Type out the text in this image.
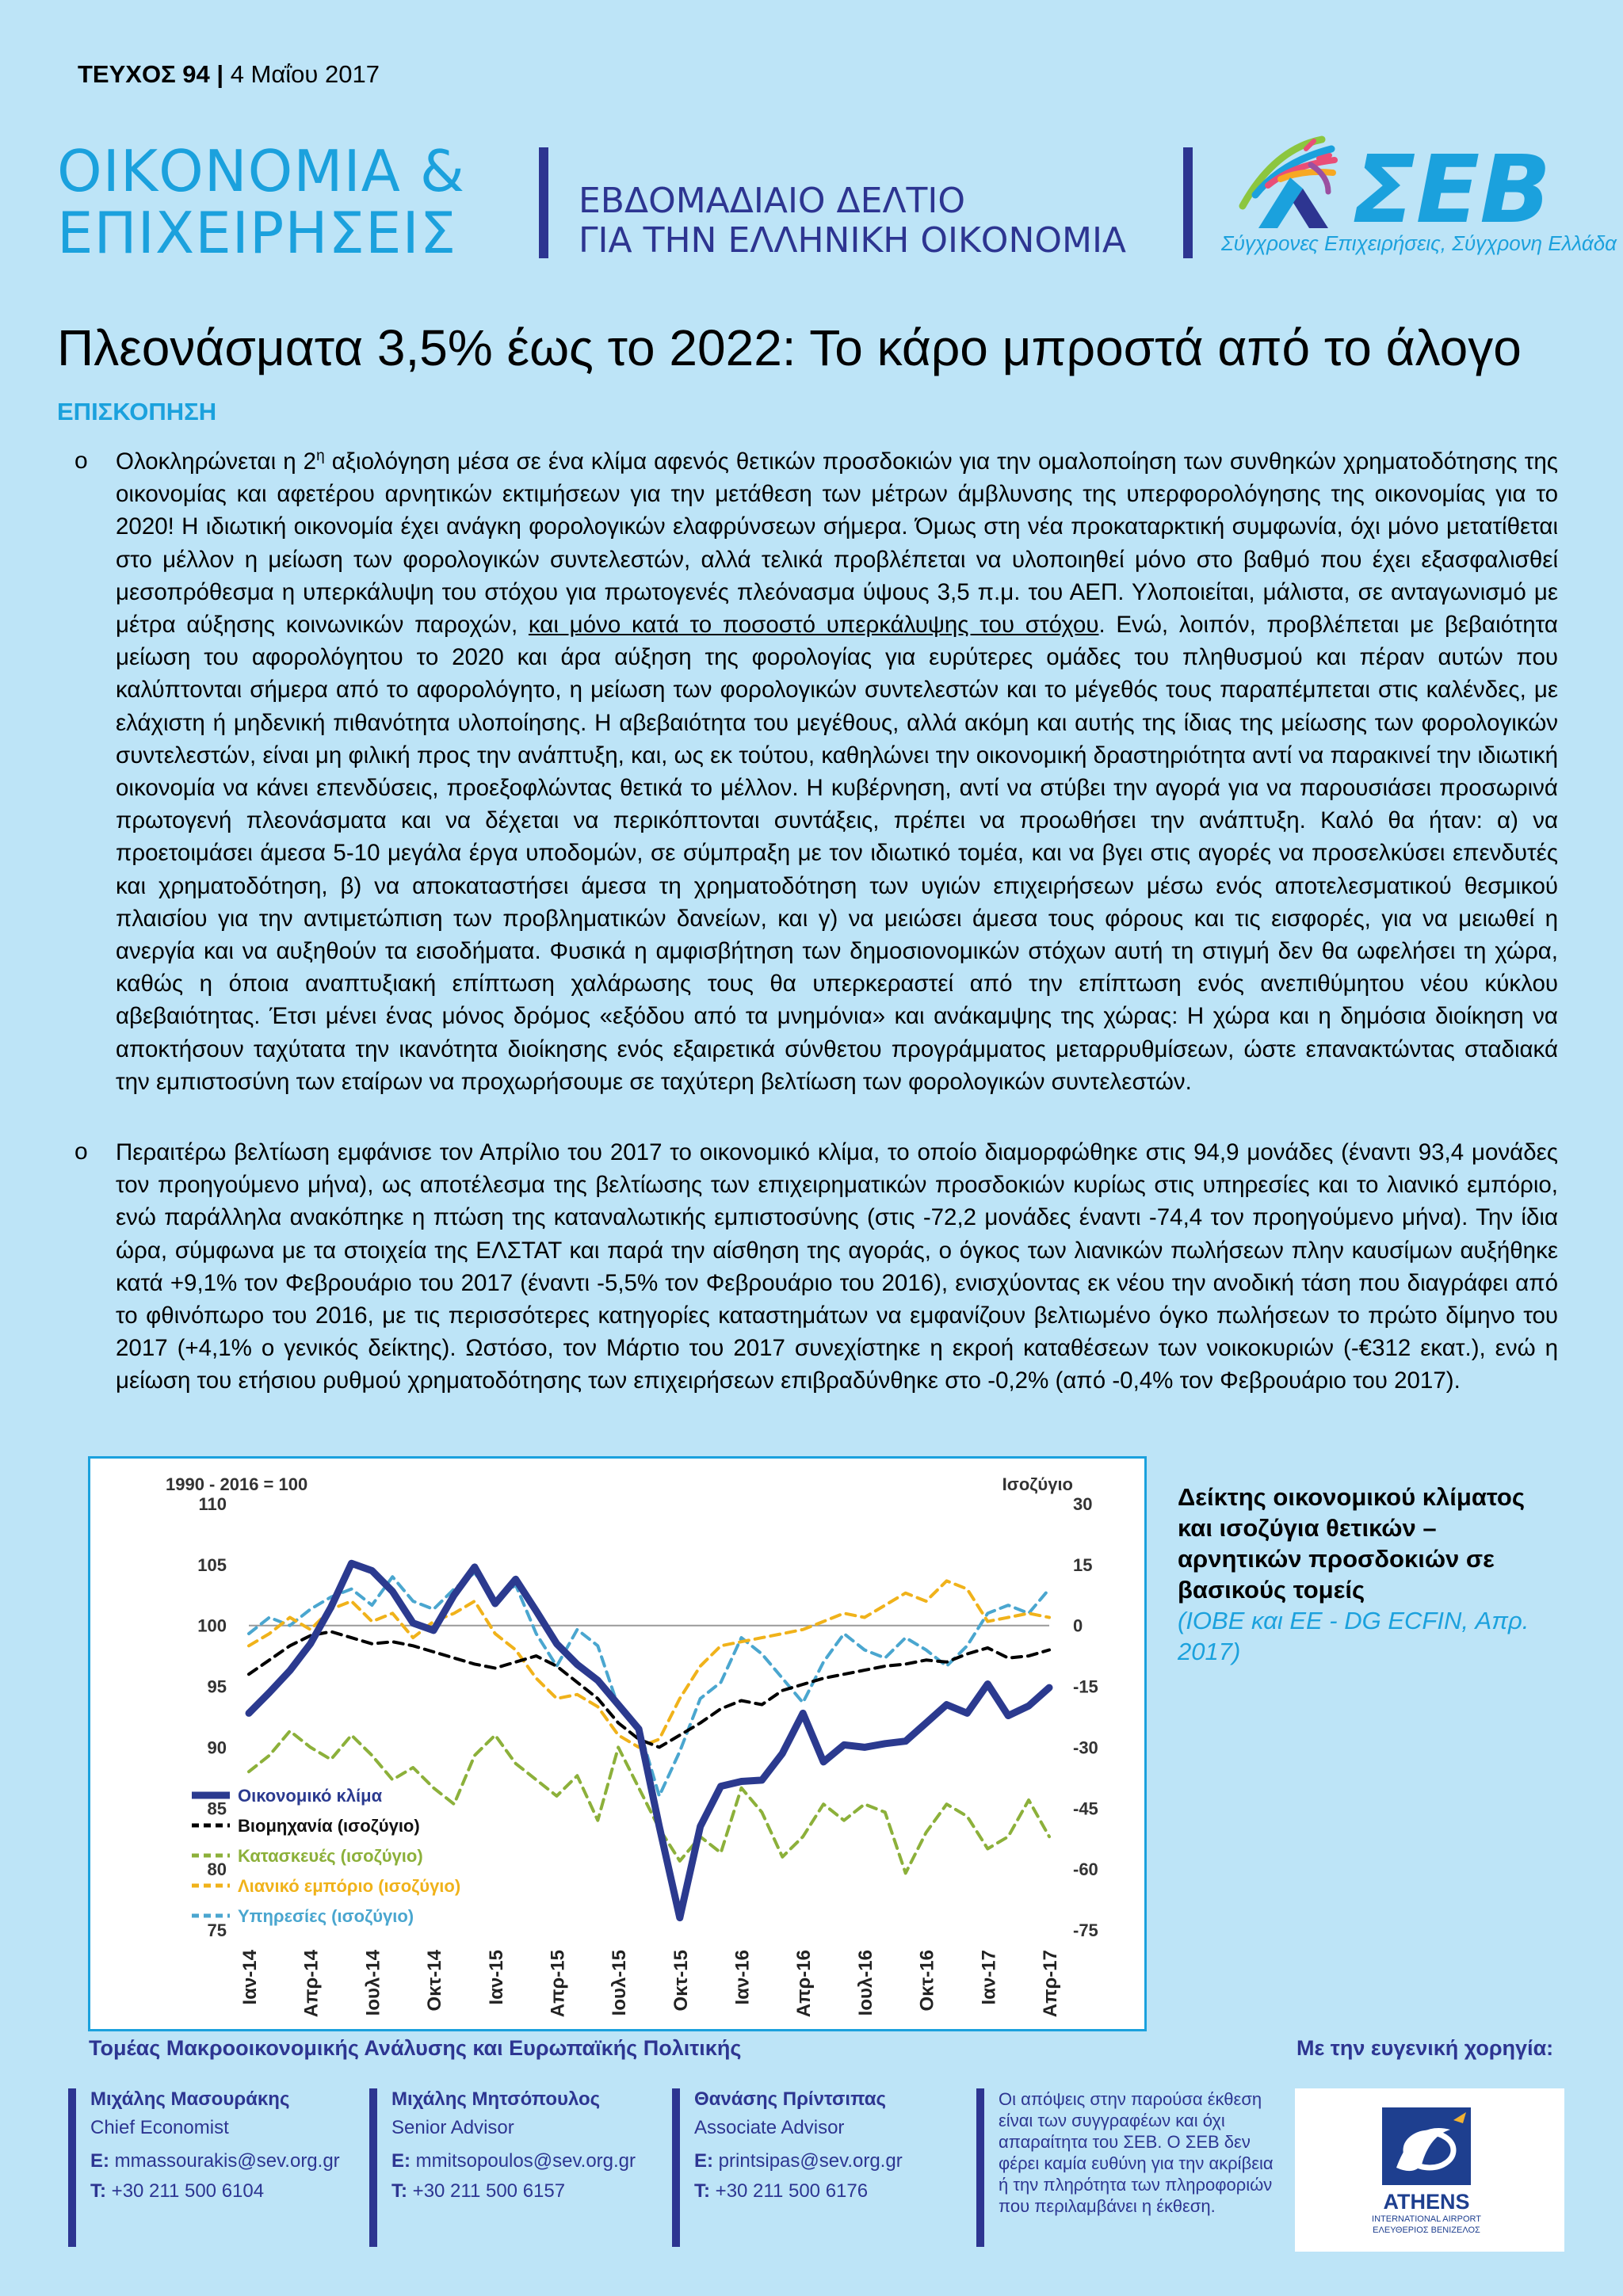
ΤΕΥΧΟΣ 94 | 4 Μαΐου 2017
ΟΙΚΟΝΟΜΙΑ &
ΕΠΙΧΕΙΡΗΣΕΙΣ	ΕΒΔΟΜΑΔΙΑΙΟ ΔΕΛΤΙΟ
ΓΙΑ ΤΗΝ ΕΛΛΗΝΙΚΗ ΟΙΚΟΝΟΜΙΑ ΣΕΒ
Σύγχρονες Επιχειρήσεις, Σύγχρονη Ελλάδα
Πλεονάσματα 3,5% έως το 2022: Το κάρο μπροστά από το άλογο
ΕΠΙΣΚΟΠΗΣΗ
o Ολοκληρώνεται η $2^\eta$ αξιολόγηση μέσα σε ένα κλίμα αφενός θετικών προσδοκιών για την ομαλοποίηση των συνθηκών χρηματοδότησης της οικονομίας και αφετέρου αρνητικών εκτιμήσεων για την μετάθεση των μέτρων άμβλυνσης της υπερφορολόγησης της οικονομίας για το 2020! Η ιδιωτική οικονομία έχει ανάγκη φορολογικών ελαφρύνσεων σήμερα. Όμως στη νέα προκαταρκτική συμφωνία, όχι μόνο μετατίθεται στο μέλλον η μείωση των φορολογικών συντελεστών, αλλά τελικά προβλέπεται να υλοποιηθεί μόνο στο βαθμό που έχει εξασφαλισθεί μεσοπρόθεσμα η υπερκάλυψη του στόχου για πρωτογενές πλεόνασμα ύψους 3,5 π.μ. του ΑΕΠ. Υλοποιείται, μάλιστα, σε ανταγωνισμό με μέτρα αύξησης κοινωνικών παροχών, και μόνο κατά το ποσοστό υπερκάλυψης του στόχου. Ενώ, λοιπόν, προβλέπεται με βεβαιότητα μείωση του αφορολόγητου το 2020 και άρα αύξηση της φορολογίας για ευρύτερες ομάδες του πληθυσμού και πέραν αυτών που καλύπτονται σήμερα από το αφορολόγητο, η μείωση των φορολογικών συντελεστών και το μέγεθός τους παραπέμπεται στις καλένδες, με ελάχιστη ή μηδενική πιθανότητα υλοποίησης. Η αβεβαιότητα του μεγέθους, αλλά ακόμη και αυτής της ίδιας της μείωσης των φορολογικών συντελεστών, είναι μη φιλική προς την ανάπτυξη, και, ως εκ τούτου, καθηλώνει την οικονομική δραστηριότητα αντί να παρακινεί την ιδιωτική οικονομία να κάνει επενδύσεις, προεξοφλώντας θετικά το μέλλον. Η κυβέρνηση, αντί να στύβει την αγορά για να παρουσιάσει προσωρινά πρωτογενή πλεονάσματα και να δέχεται να περικόπτονται συντάξεις, πρέπει να προωθήσει την ανάπτυξη. Καλό θα ήταν: α) να προετοιμάσει άμεσα 5-10 μεγάλα έργα υποδομών, σε σύμπραξη με τον ιδιωτικό τομέα, και να βγει στις αγορές να προσελκύσει επενδυτές και χρηματοδότηση, β) να αποκαταστήσει άμεσα τη χρηματοδότηση των υγιών επιχειρήσεων μέσω ενός αποτελεσματικού θεσμικού πλαισίου για την αντιμετώπιση των προβληματικών δανείων, και γ) να μειώσει άμεσα τους φόρους και τις εισφορές, για να μειωθεί η ανεργία και να αυξηθούν τα εισοδήματα. Φυσικά η αμφισβήτηση των δημοσιονομικών στόχων αυτή τη στιγμή δεν θα ωφελήσει τη χώρα, καθώς η όποια αναπτυξιακή επίπτωση χαλάρωσης τους θα υπερκεραστεί από την επίπτωση ενός ανεπιθύμητου νέου κύκλου αβεβαιότητας. Έτσι μένει ένας μόνος δρόμος «εξόδου από τα μνημόνια» και ανάκαμψης της χώρας: Η χώρα και η δημόσια διοίκηση να αποκτήσουν ταχύτατα την ικανότητα διοίκησης ενός εξαιρετικά σύνθετου προγράμματος μεταρρυθμίσεων, ώστε επανακτώντας σταδιακά την εμπιστοσύνη των εταίρων να προχωρήσουμε σε ταχύτερη βελτίωση των φορολογικών συντελεστών.
o Περαιτέρω βελτίωση εμφάνισε τον Απρίλιο του 2017 το οικονομικό κλίμα, το οποίο διαμορφώθηκε στις 94,9 μονάδες (έναντι 93,4 μονάδες τον προηγούμενο μήνα), ως αποτέλεσμα της βελτίωσης των επιχειρηματικών προσδοκιών κυρίως στις υπηρεσίες και το λιανικό εμπόριο, ενώ παράλληλα ανακόπηκε η πτώση της καταναλωτικής εμπιστοσύνης (στις -72,2 μονάδες έναντι -74,4 τον προηγούμενο μήνα). Την ίδια ώρα, σύμφωνα με τα στοιχεία της ΕΛΣΤΑΤ και παρά την αίσθηση της αγοράς, ο όγκος των λιανικών πωλήσεων πλην καυσίμων αυξήθηκε κατά +9,1% τον Φεβρουάριο του 2017 (έναντι -5,5% τον Φεβρουάριο του 2016), ενισχύοντας εκ νέου την ανοδική τάση που διαγράφει από το φθινόπωρο του 2016, με τις περισσότερες κατηγορίες καταστημάτων να εμφανίζουν βελτιωμένο όγκο πωλήσεων το πρώτο δίμηνο του 2017 (+4,1% ο γενικός δείκτης). Ωστόσο, τον Μάρτιο του 2017 συνεχίστηκε η εκροή καταθέσεων των νοικοκυριών (-€312 εκατ.), ενώ η μείωση του ετήσιου ρυθμού χρηματοδότησης των επιχειρήσεων επιβραδύνθηκε στο -0,2% (από -0,4% τον Φεβρουάριο του 2017).
1990 - 2016 = 100	Ισοζύγιο
110
105
100
95
90
85
80
75
30
15
0
-15
-30
-45
-60
-75
Ιαν-14 Απρ-14 Ιουλ-14 Οκτ-14 Ιαν-15 Απρ-15 Ιουλ-15 Οκτ-15 Ιαν-16 Απρ-16 Ιουλ-16 Οκτ-16 Ιαν-17 Απρ-17
Οικονομικό κλίμα
Βιομηχανία (ισοζύγιο)
Κατασκευές (ισοζύγιο)
Λιανικό εμπόριο (ισοζύγιο)
Υπηρεσίες (ισοζύγιο)
Δείκτης οικονομικού κλίματος και ισοζύγια θετικών – αρνητικών προσδοκιών σε βασικούς τομείς
(ΙΟΒΕ και ΕΕ - DG ECFIN, Απρ. 2017)
Τομέας Μακροοικονομικής Ανάλυσης και Ευρωπαϊκής Πολιτικής	Με την ευγενική χορηγία:
Μιχάλης Μασουράκης
Chief Economist
E: mmassourakis@sev.org.gr
T: +30 211 500 6104
Μιχάλης Μητσόπουλος
Senior Advisor
E: mmitsopoulos@sev.org.gr
T: +30 211 500 6157
Θανάσης Πρίντσιπας
Associate Advisor
E: printsipas@sev.org.gr
T: +30 211 500 6176
Οι απόψεις στην παρούσα έκθεση είναι των συγγραφέων και όχι απαραίτητα του ΣΕΒ. Ο ΣΕΒ δεν φέρει καμία ευθύνη για την ακρίβεια ή την πληρότητα των πληροφοριών που περιλαμβάνει η έκθεση.	ATHENS
INTERNATIONAL AIRPORT
ΕΛΕΥΘΕΡΙΟΣ ΒΕΝΙΖΕΛΟΣ
